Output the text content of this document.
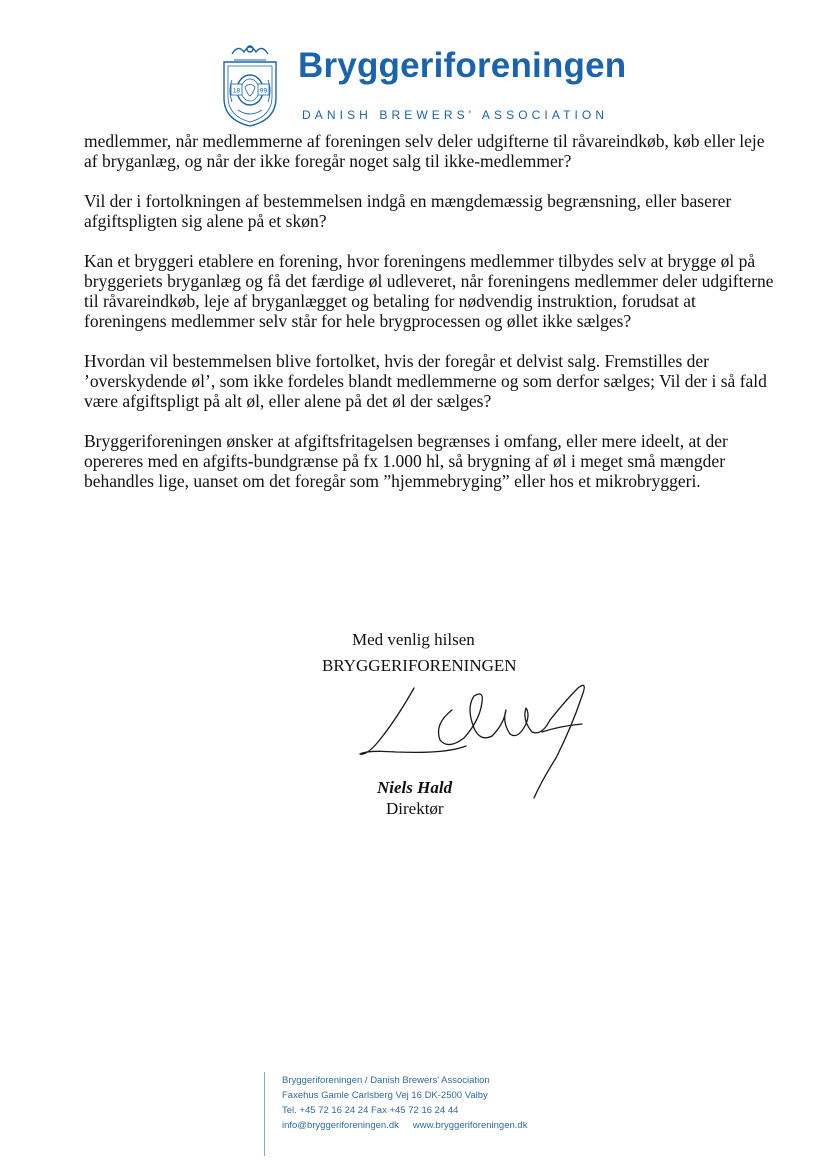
18	99
Bryggeriforeningen
DANISH BREWERS' ASSOCIATION

medlemmer, når medlemmerne af foreningen selv deler udgifterne til råvareindkøb, køb eller leje af bryganlæg, og når der ikke foregår noget salg til ikke-medlemmer?

Vil der i fortolkningen af bestemmelsen indgå en mængdemæssig begrænsning, eller baserer afgiftspligten sig alene på et skøn?

Kan et bryggeri etablere en forening, hvor foreningens medlemmer tilbydes selv at brygge øl på bryggeriets bryganlæg og få det færdige øl udleveret, når foreningens medlemmer deler udgifterne til råvareindkøb, leje af bryganlægget og betaling for nødvendig instruktion, forudsat at foreningens medlemmer selv står for hele brygprocessen og øllet ikke sælges?

Hvordan vil bestemmelsen blive fortolket, hvis der foregår et delvist salg. Fremstilles der ’overskydende øl’, som ikke fordeles blandt medlemmerne og som derfor sælges; Vil der i så fald være afgiftspligt på alt øl, eller alene på det øl der sælges?

Bryggeriforeningen ønsker at afgiftsfritagelsen begrænses i omfang, eller mere ideelt, at der opereres med en afgifts-bundgrænse på fx 1.000 hl, så brygning af øl i meget små mængder behandles lige, uanset om det foregår som ”hjemmebryging” eller hos et mikrobryggeri.

Med venlig hilsen
BRYGGERIFORENINGEN
Niels Hald
Direktør
Bryggeriforeningen / Danish Brewers' Association
Faxehus Gamle Carlsberg Vej 16 DK-2500 Valby
Tel. +45 72 16 24 24 Fax +45 72 16 24 44
info@bryggeriforeningen.dk www.bryggeriforeningen.dk
